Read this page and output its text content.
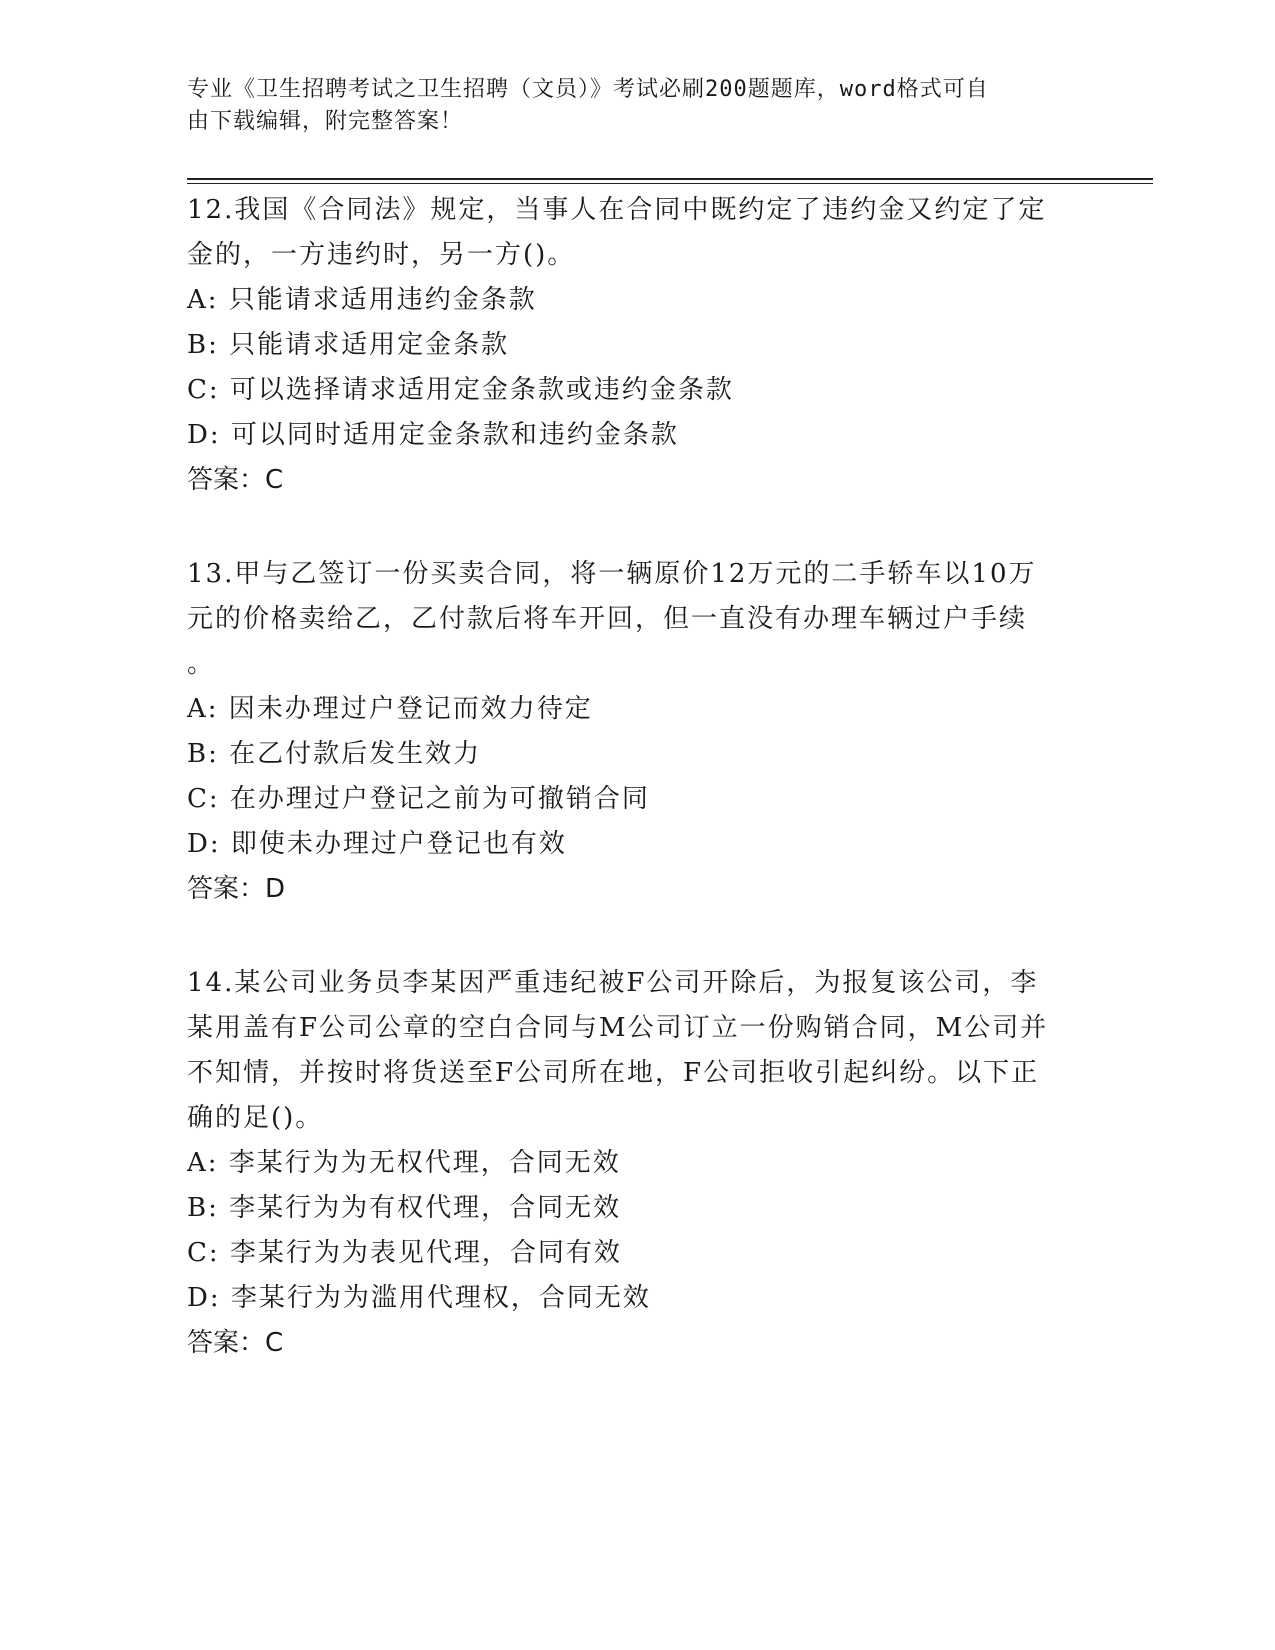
专业《卫生招聘考试之卫生招聘（文员）》考试必刷200题题库，word格式可自
由下载编辑，附完整答案！

12.我国《合同法》规定，当事人在合同中既约定了违约金又约定了定

金的，一方违约时，另一方()。

A: 只能请求适用违约金条款

B: 只能请求适用定金条款

C: 可以选择请求适用定金条款或违约金条款

D: 可以同时适用定金条款和违约金条款

答案：C

13.甲与乙签订一份买卖合同，将一辆原价12万元的二手轿车以10万

元的价格卖给乙，乙付款后将车开回，但一直没有办理车辆过户手续

。

A: 因未办理过户登记而效力待定

B: 在乙付款后发生效力

C: 在办理过户登记之前为可撤销合同

D: 即使未办理过户登记也有效

答案：D

14.某公司业务员李某因严重违纪被F公司开除后，为报复该公司，李

某用盖有F公司公章的空白合同与M公司订立一份购销合同，M公司并

不知情，并按时将货送至F公司所在地，F公司拒收引起纠纷。以下正

确的足()。

A: 李某行为为无权代理，合同无效

B: 李某行为为有权代理，合同无效

C: 李某行为为表见代理，合同有效

D: 李某行为为滥用代理权，合同无效

答案：C
